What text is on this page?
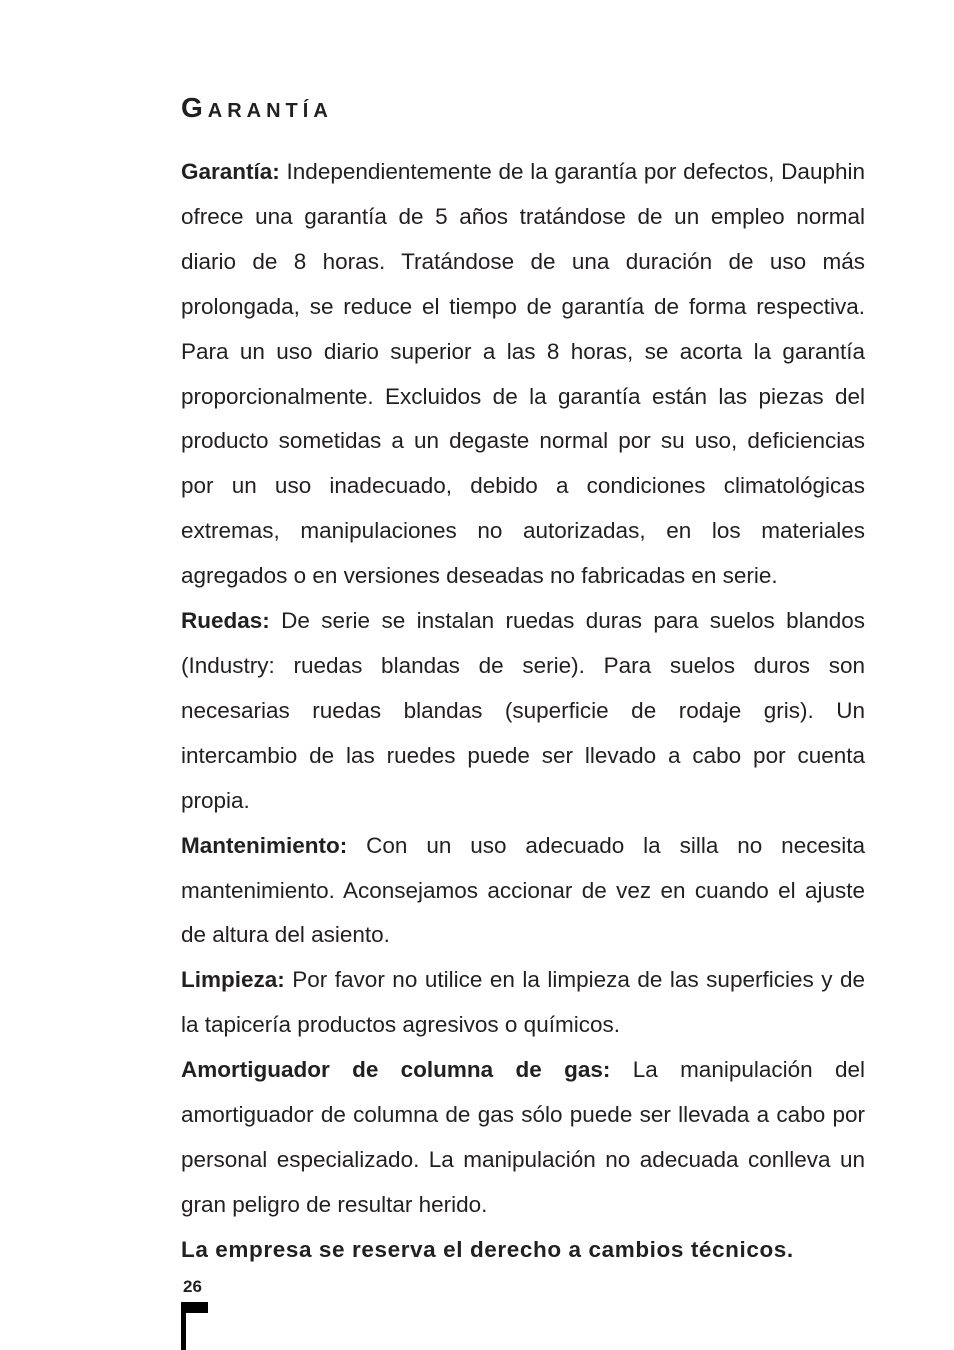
Garantía

Garantía: Independientemente de la garantía por defectos, Dauphin ofrece una garantía de 5 años tratándose de un empleo normal diario de 8 horas. Tratándose de una duración de uso más prolongada, se reduce el tiempo de garantía de forma respectiva. Para un uso diario superior a las 8 horas, se acorta la garantía proporcionalmente. Excluidos de la garantía están las piezas del producto sometidas a un degaste normal por su uso, deficiencias por un uso inadecuado, debido a condiciones climatológicas extremas, manipulaciones no autorizadas, en los materiales agregados o en versiones deseadas no fabricadas en serie.

Ruedas: De serie se instalan ruedas duras para suelos blandos (Industry: ruedas blandas de serie). Para suelos duros son necesarias ruedas blandas (superficie de rodaje gris). Un intercambio de las ruedes puede ser llevado a cabo por cuenta propia.

Mantenimiento: Con un uso adecuado la silla no necesita mantenimiento. Aconsejamos accionar de vez en cuando el ajuste de altura del asiento.

Limpieza: Por favor no utilice en la limpieza de las superficies y de la tapicería productos agresivos o químicos.

Amortiguador de columna de gas: La manipulación del amortiguador de columna de gas sólo puede ser llevada a cabo por personal especializado. La manipulación no adecuada conlleva un gran peligro de resultar herido.

La empresa se reserva el derecho a cambios técnicos.

26
